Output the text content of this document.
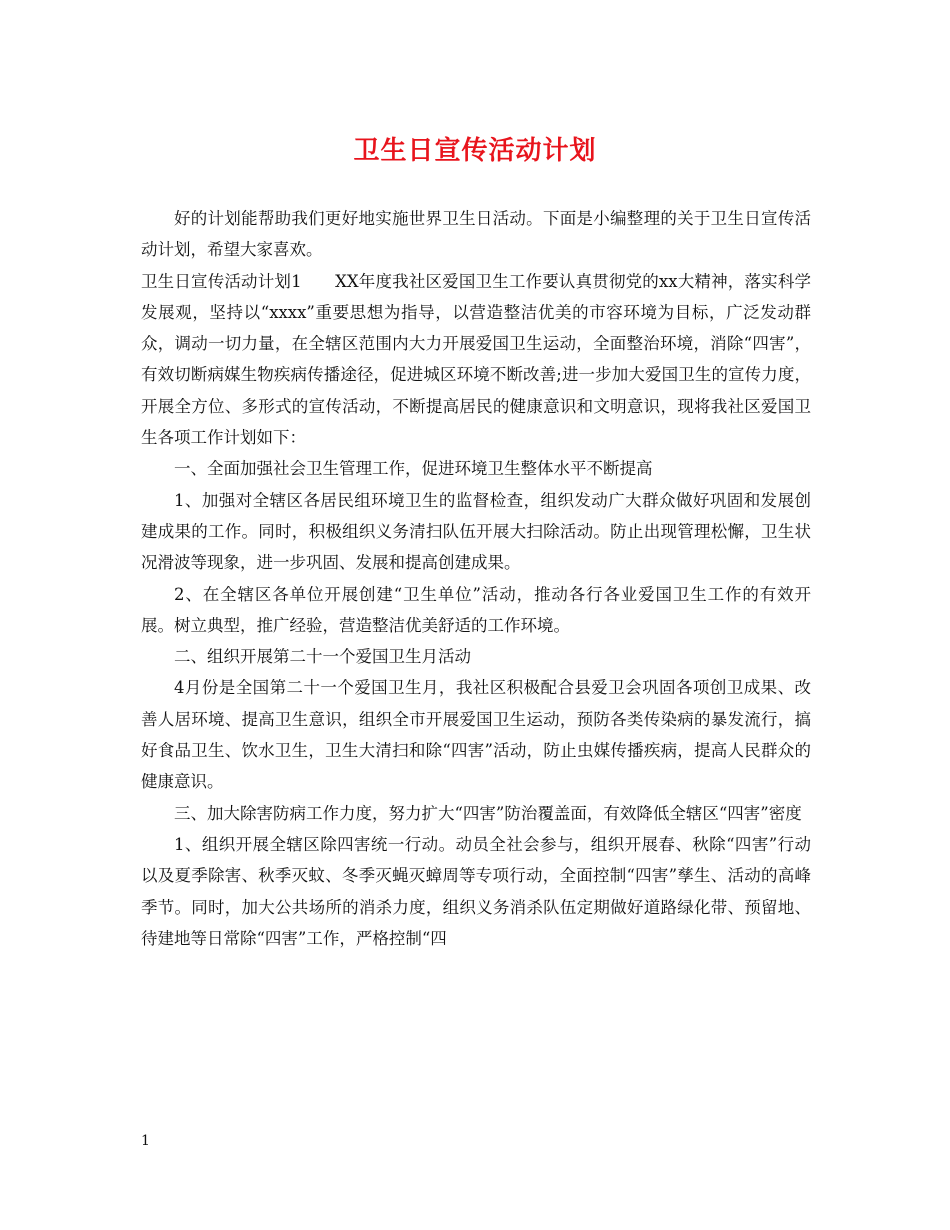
卫生日宣传活动计划

好的计划能帮助我们更好地实施世界卫生日活动。下面是小编整理的关于卫生日宣传活动计划，希望大家喜欢。

卫生日宣传活动计划1　　XX年度我社区爱国卫生工作要认真贯彻党的xx大精神，落实科学发展观，坚持以“xxxx”重要思想为指导，以营造整洁优美的市容环境为目标，广泛发动群众，调动一切力量，在全辖区范围内大力开展爱国卫生运动，全面整治环境，消除“四害”，有效切断病媒生物疾病传播途径，促进城区环境不断改善;进一步加大爱国卫生的宣传力度，开展全方位、多形式的宣传活动，不断提高居民的健康意识和文明意识，现将我社区爱国卫生各项工作计划如下：

一、全面加强社会卫生管理工作，促进环境卫生整体水平不断提高

1、加强对全辖区各居民组环境卫生的监督检查，组织发动广大群众做好巩固和发展创建成果的工作。同时，积极组织义务清扫队伍开展大扫除活动。防止出现管理松懈，卫生状况滑波等现象，进一步巩固、发展和提高创建成果。

2、在全辖区各单位开展创建“卫生单位”活动，推动各行各业爱国卫生工作的有效开展。树立典型，推广经验，营造整洁优美舒适的工作环境。

二、组织开展第二十一个爱国卫生月活动

4月份是全国第二十一个爱国卫生月，我社区积极配合县爱卫会巩固各项创卫成果、改善人居环境、提高卫生意识，组织全市开展爱国卫生运动，预防各类传染病的暴发流行，搞好食品卫生、饮水卫生，卫生大清扫和除“四害”活动，防止虫媒传播疾病，提高人民群众的健康意识。

三、加大除害防病工作力度，努力扩大“四害”防治覆盖面，有效降低全辖区“四害”密度

1、组织开展全辖区除四害统一行动。动员全社会参与，组织开展春、秋除“四害”行动以及夏季除害、秋季灭蚊、冬季灭蝇灭蟑周等专项行动，全面控制“四害”孳生、活动的高峰季节。同时，加大公共场所的消杀力度，组织义务消杀队伍定期做好道路绿化带、预留地、待建地等日常除“四害”工作，严格控制“四

1
